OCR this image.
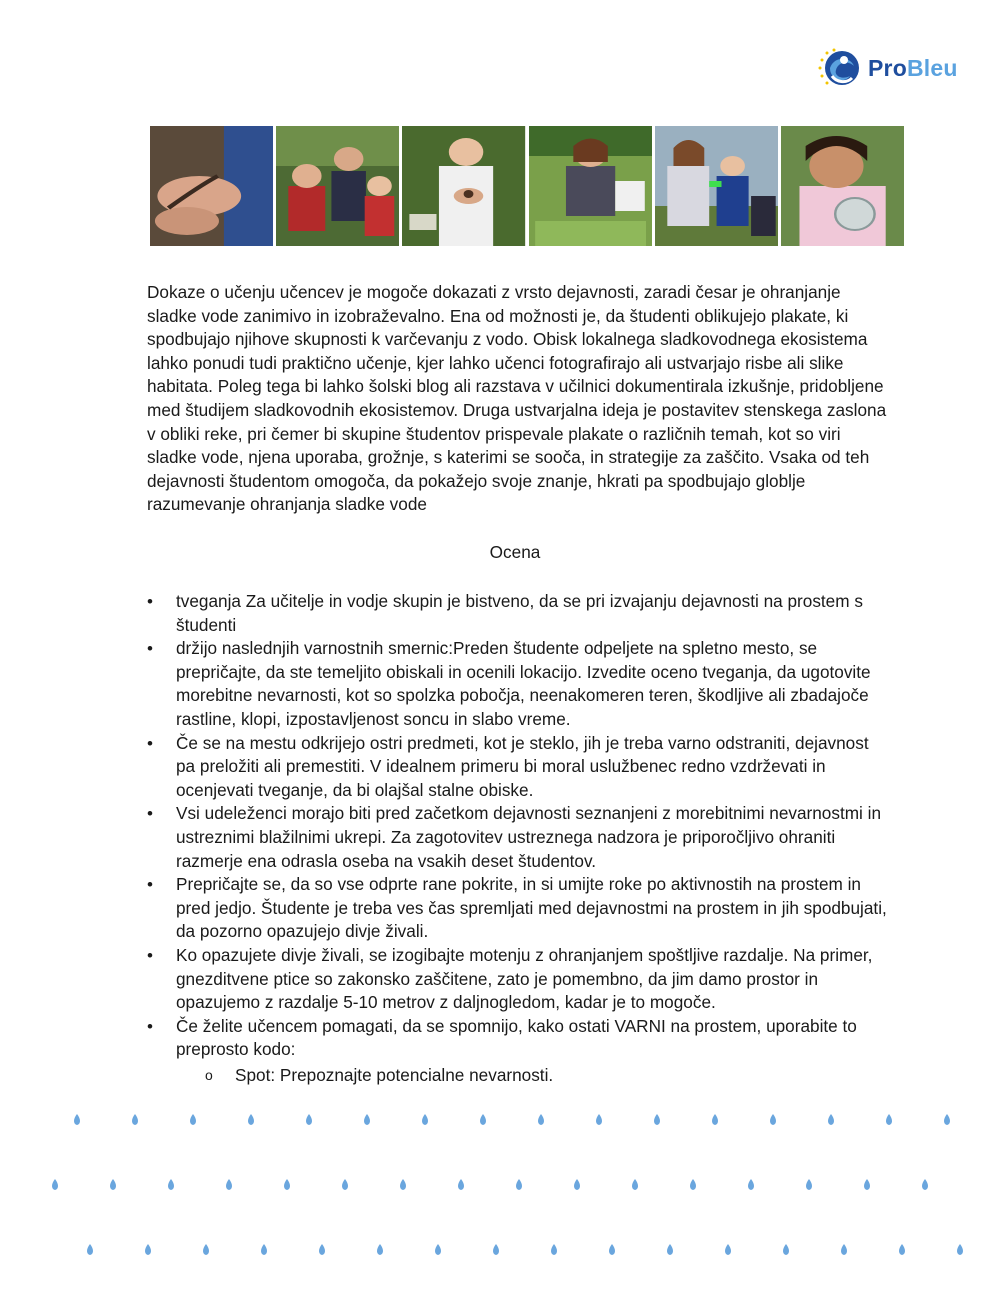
ProBleu

Dokaze o učenju učencev je mogoče dokazati z vrsto dejavnosti, zaradi česar je ohranjanje sladke vode zanimivo in izobraževalno. Ena od možnosti je, da študenti oblikujejo plakate, ki spodbujajo njihove skupnosti k varčevanju z vodo. Obisk lokalnega sladkovodnega ekosistema lahko ponudi tudi praktično učenje, kjer lahko učenci fotografirajo ali ustvarjajo risbe ali slike habitata. Poleg tega bi lahko šolski blog ali razstava v učilnici dokumentirala izkušnje, pridobljene med študijem sladkovodnih ekosistemov. Druga ustvarjalna ideja je postavitev stenskega zaslona v obliki reke, pri čemer bi skupine študentov prispevale plakate o različnih temah, kot so viri sladke vode, njena uporaba, grožnje, s katerimi se sooča, in strategije za zaščito. Vsaka od teh dejavnosti študentom omogoča, da pokažejo svoje znanje, hkrati pa spodbujajo globlje razumevanje ohranjanja sladke vode

Ocena
• tveganja Za učitelje in vodje skupin je bistveno, da se pri izvajanju dejavnosti na prostem s študenti
• držijo naslednjih varnostnih smernic:Preden študente odpeljete na spletno mesto, se prepričajte, da ste temeljito obiskali in ocenili lokacijo. Izvedite oceno tveganja, da ugotovite morebitne nevarnosti, kot so spolzka pobočja, neenakomeren teren, škodljive ali zbadajoče rastline, klopi, izpostavljenost soncu in slabo vreme.
• Če se na mestu odkrijejo ostri predmeti, kot je steklo, jih je treba varno odstraniti, dejavnost pa preložiti ali premestiti. V idealnem primeru bi moral uslužbenec redno vzdrževati in ocenjevati tveganje, da bi olajšal stalne obiske.
• Vsi udeleženci morajo biti pred začetkom dejavnosti seznanjeni z morebitnimi nevarnostmi in ustreznimi blažilnimi ukrepi. Za zagotovitev ustreznega nadzora je priporočljivo ohraniti razmerje ena odrasla oseba na vsakih deset študentov.
• Prepričajte se, da so vse odprte rane pokrite, in si umijte roke po aktivnostih na prostem in pred jedjo. Študente je treba ves čas spremljati med dejavnostmi na prostem in jih spodbujati, da pozorno opazujejo divje živali.
• Ko opazujete divje živali, se izogibajte motenju z ohranjanjem spoštljive razdalje. Na primer, gnezditvene ptice so zakonsko zaščitene, zato je pomembno, da jim damo prostor in opazujemo z razdalje 5-10 metrov z daljnogledom, kadar je to mogoče.
• Če želite učencem pomagati, da se spomnijo, kako ostati VARNI na prostem, uporabite to preprosto kodo:
o	Spot: Prepoznajte potencialne nevarnosti.
